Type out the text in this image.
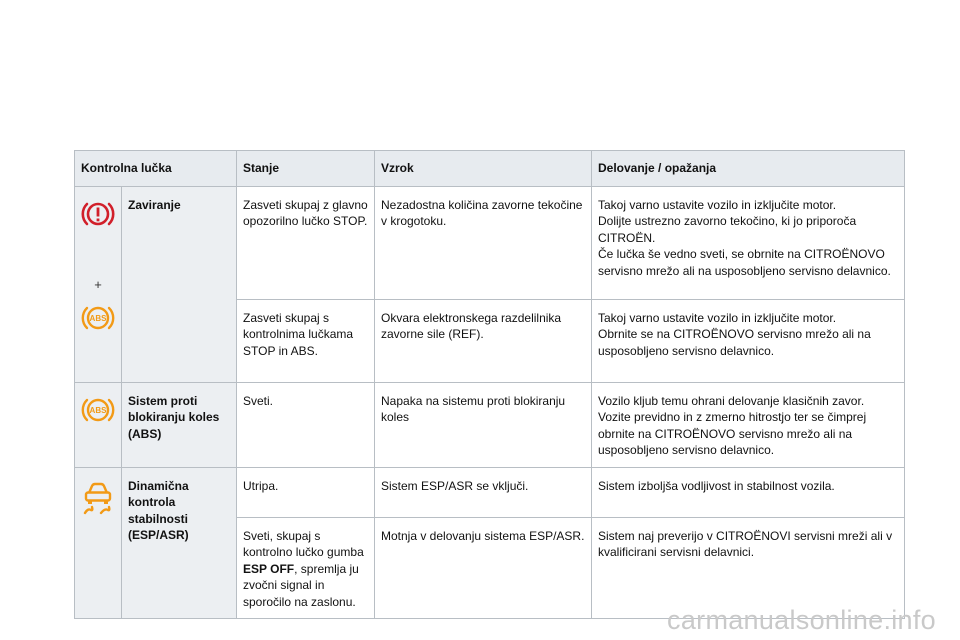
Kontrolna lučka		Stanje	Vzrok	Delovanje / opažanja

+
ABS	Zaviranje	Zasveti skupaj z glavno opozorilno lučko STOP.	Nezadostna količina zavorne tekočine v krogotoku.	Takoj varno ustavite vozilo in izključite motor.
Dolijte ustrezno zavorno tekočino, ki jo priporoča CITROËN.
Če lučka še vedno sveti, se obrnite na CITROËNOVO servisno mrežo ali na usposobljeno servisno delavnico.
		Zasveti skupaj s kontrolnima lučkama STOP in ABS.	Okvara elektronskega razdelilnika zavorne sile (REF).	Takoj varno ustavite vozilo in izključite motor.
Obrnite se na CITROËNOVO servisno mrežo ali na usposobljeno servisno delavnico.

ABS	Sistem proti blokiranju koles (ABS)	Sveti.	Napaka na sistemu proti blokiranju koles	Vozilo kljub temu ohrani delovanje klasičnih zavor.
Vozite previdno in z zmerno hitrostjo ter se čimprej obrnite na CITROËNOVO servisno mrežo ali na usposobljeno servisno delavnico.

	Dinamična kontrola stabilnosti (ESP/ASR)	Utripa.	Sistem ESP/ASR se vključi.	Sistem izboljša vodljivost in stabilnost vozila.
		Sveti, skupaj s kontrolno lučko gumba ESP OFF, spremlja ju zvočni signal in sporočilo na zaslonu.	Motnja v delovanju sistema ESP/ASR.	Sistem naj preverijo v CITROËNOVI servisni mreži ali v kvalificirani servisni delavnici.
carmanualsonline.info
